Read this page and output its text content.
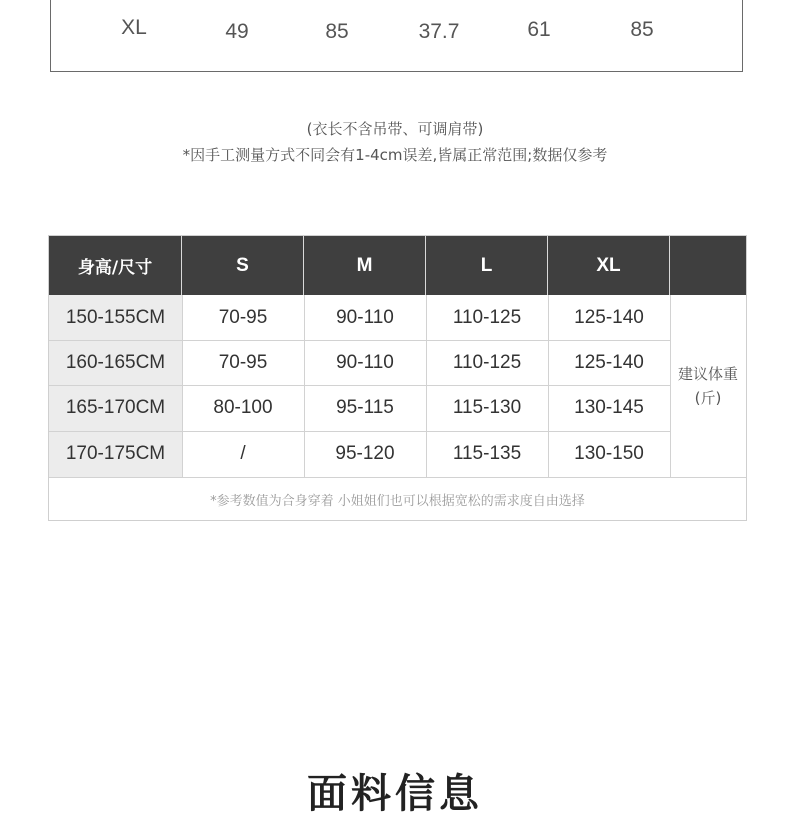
XL	49	85	37.7	61	85
(衣长不含吊带、可调肩带)
*因手工测量方式不同会有1-4cm误差,皆属正常范围;数据仅参考
身高/尺寸	S	M	L	XL
150-155CM	70-95	90-110	110-125	125-140
160-165CM	70-95	90-110	110-125	125-140
165-170CM	80-100	95-115	115-130	130-145
170-175CM	/	95-120	115-135	130-150
建议体重
(斤)
*参考数值为合身穿着 小姐姐们也可以根据宽松的需求度自由选择
面料信息
